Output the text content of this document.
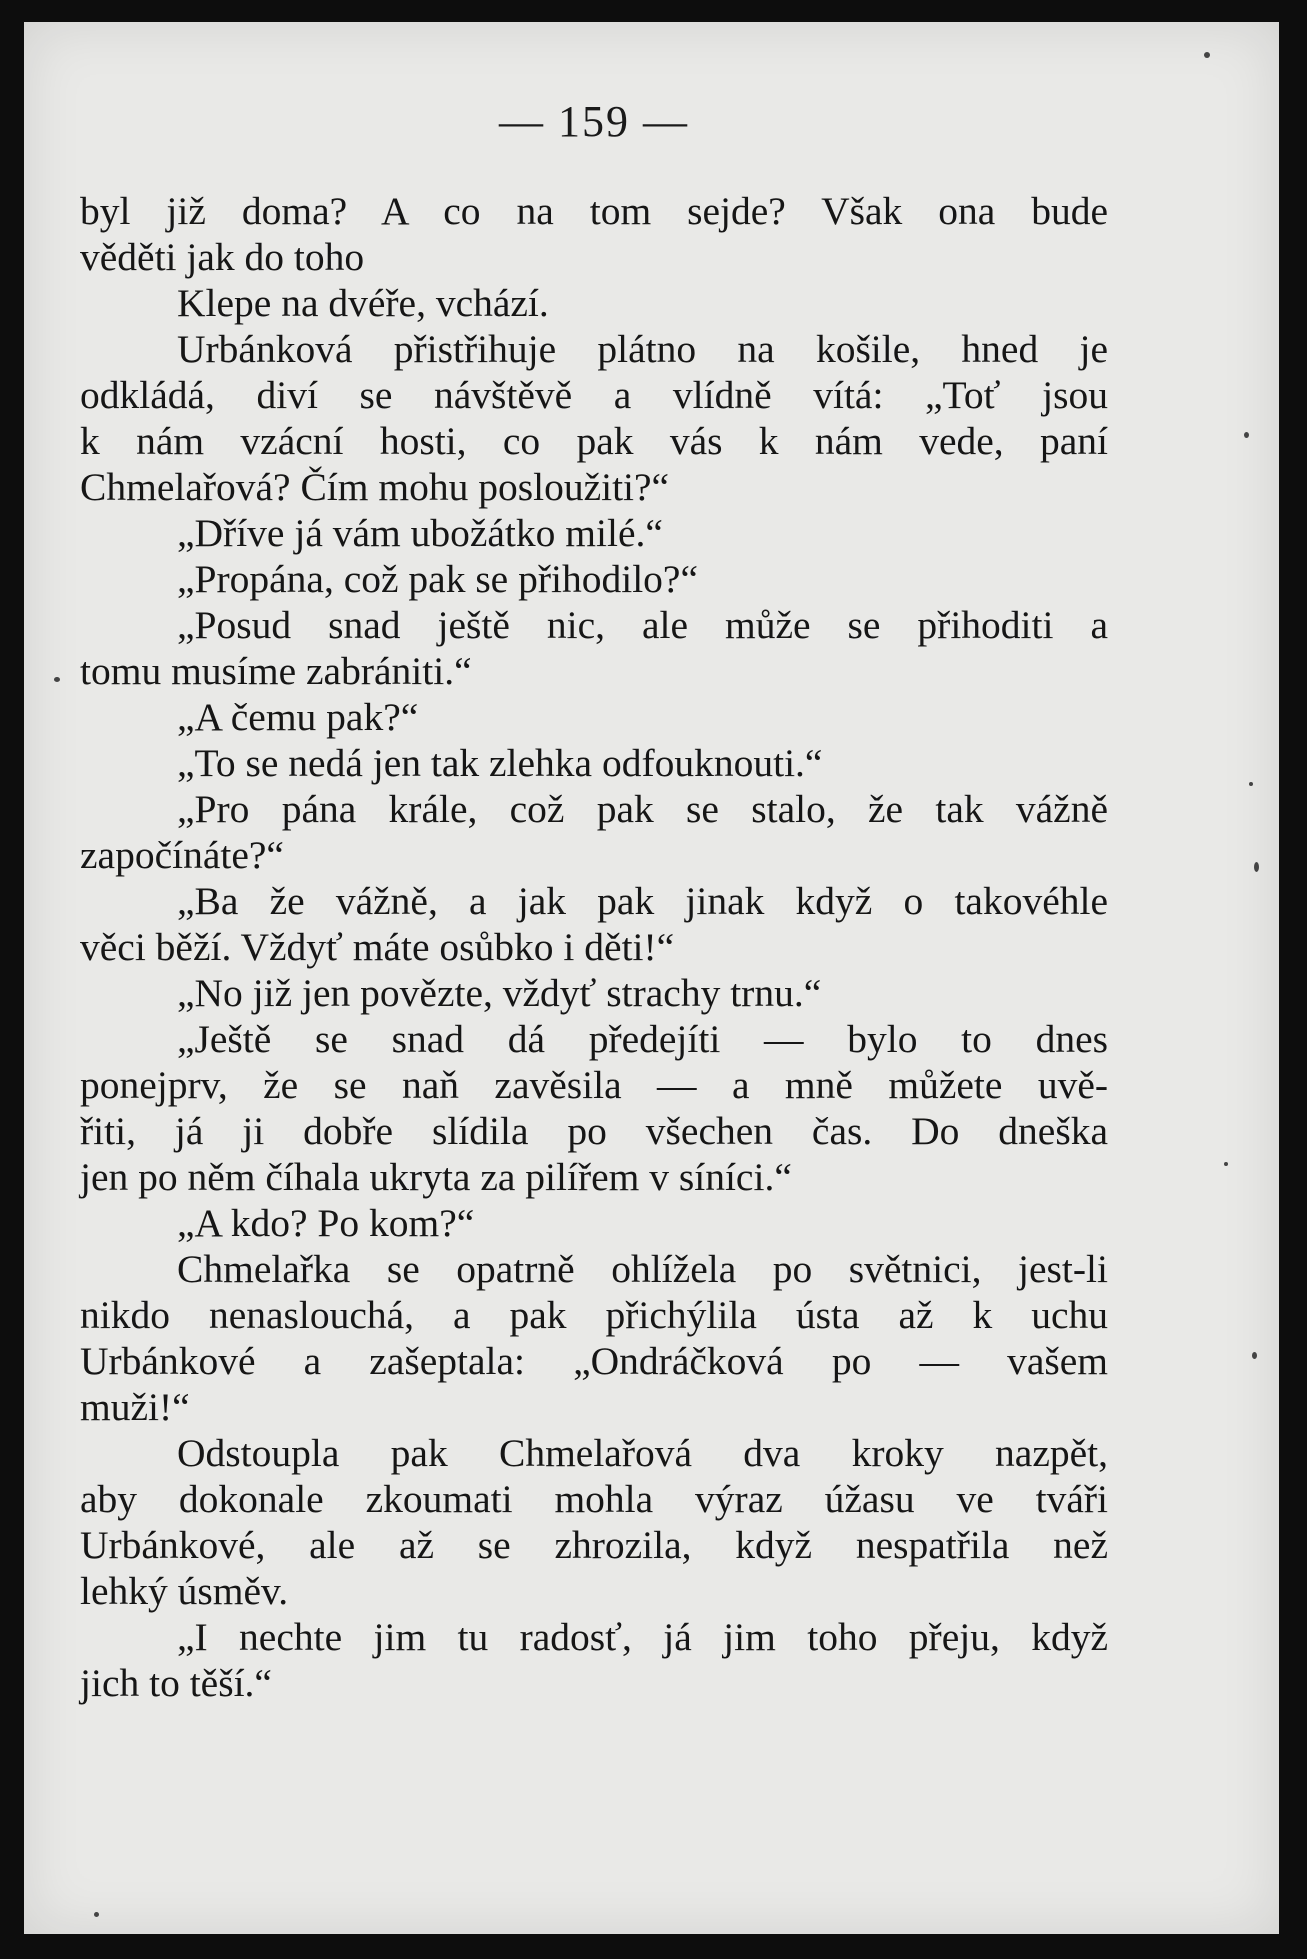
— 159 —
byl již doma? A co na tom sejde? Však ona bude
věděti jak do toho
Klepe na dvéře, vchází.
Urbánková přistřihuje plátno na košile, hned je
odkládá, diví se návštěvě a vlídně vítá: „Toť jsou
k nám vzácní hosti, co pak vás k nám vede, paní
Chmelařová? Čím mohu posloužiti?“
„Dříve já vám ubožátko milé.“
„Propána, což pak se přihodilo?“
„Posud snad ještě nic, ale může se přihoditi a
tomu musíme zabrániti.“
„A čemu pak?“
„To se nedá jen tak zlehka odfouknouti.“
„Pro pána krále, což pak se stalo, že tak vážně
započínáte?“
„Ba že vážně, a jak pak jinak když o takovéhle
věci běží. Vždyť máte osůbko i děti!“
„No již jen povězte, vždyť strachy trnu.“
„Ještě se snad dá předejíti — bylo to dnes
ponejprv, že se naň zavěsila — a mně můžete uvě-
řiti, já ji dobře slídila po všechen čas. Do dneška
jen po něm číhala ukryta za pilířem v síníci.“
„A kdo? Po kom?“
Chmelařka se opatrně ohlížela po světnici, jest-li
nikdo nenaslouchá, a pak přichýlila ústa až k uchu
Urbánkové a zašeptala: „Ondráčková po — vašem
muži!“
Odstoupla pak Chmelařová dva kroky nazpět,
aby dokonale zkoumati mohla výraz úžasu ve tváři
Urbánkové, ale až se zhrozila, když nespatřila než
lehký úsměv.
„I nechte jim tu radosť, já jim toho přeju, když
jich to těší.“
